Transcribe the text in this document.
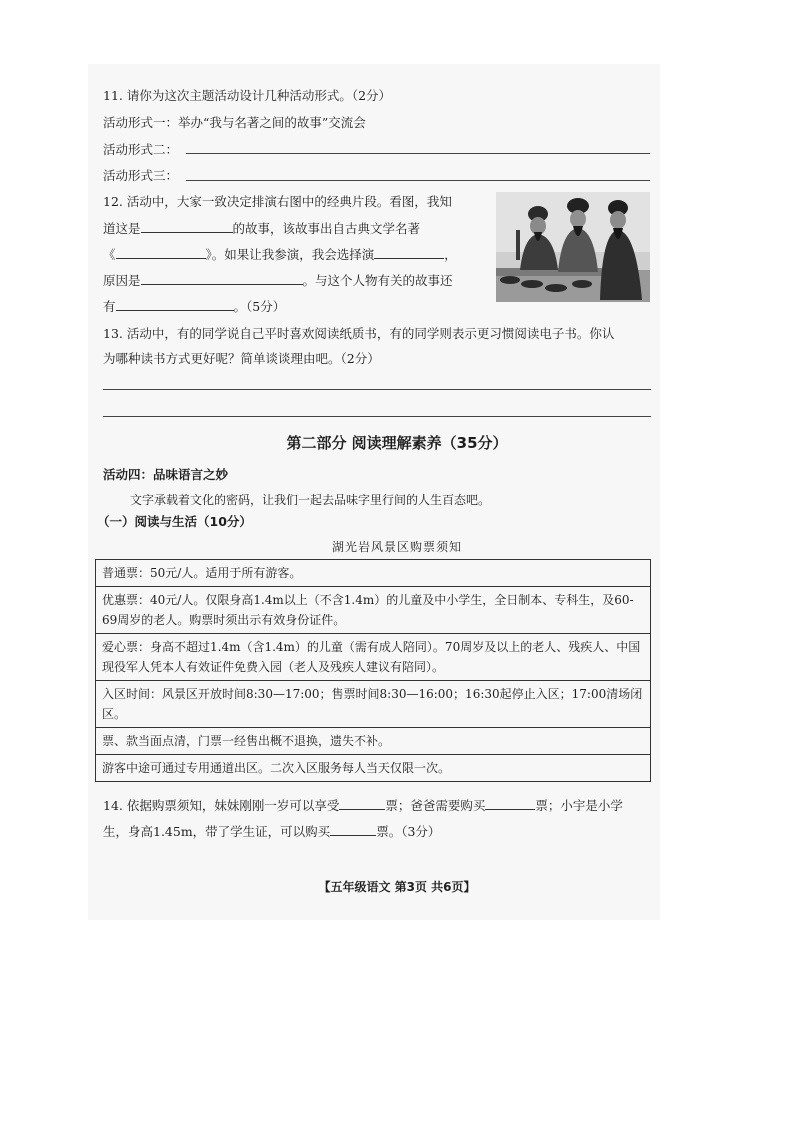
11. 请你为这次主题活动设计几种活动形式。（2分）
活动形式一：举办“我与名著之间的故事”交流会
活动形式二：
活动形式三：
12. 活动中，大家一致决定排演右图中的经典片段。看图，我知
道这是	的故事，该故事出自古典文学名著
《	》。如果让我参演，我会选择演	，
原因是	。与这个人物有关的故事还
有	。（5分）
13. 活动中，有的同学说自己平时喜欢阅读纸质书，有的同学则表示更习惯阅读电子书。你认
为哪种读书方式更好呢？简单谈谈理由吧。（2分）
第二部分 阅读理解素养（35分）
活动四：品味语言之妙
文字承载着文化的密码，让我们一起去品味字里行间的人生百态吧。
（一）阅读与生活（10分）
湖光岩风景区购票须知
普通票：50元/人。适用于所有游客。
优惠票：40元/人。仅限身高1.4m以上（不含1.4m）的儿童及中小学生，全日制本、专科生，及60-69周岁的老人。购票时须出示有效身份证件。
爱心票：身高不超过1.4m（含1.4m）的儿童（需有成人陪同）。70周岁及以上的老人、残疾人、中国现役军人凭本人有效证件免费入园（老人及残疾人建议有陪同）。
入区时间：风景区开放时间8:30—17:00；售票时间8:30—16:00；16:30起停止入区；17:00清场闭区。
票、款当面点清，门票一经售出概不退换，遗失不补。
游客中途可通过专用通道出区。二次入区服务每人当天仅限一次。
14. 依据购票须知，妹妹刚刚一岁可以享受	票；爸爸需要购买	票；小宇是小学
生，身高1.45m，带了学生证，可以购买	票。（3分）
【五年级语文 第3页 共6页】
